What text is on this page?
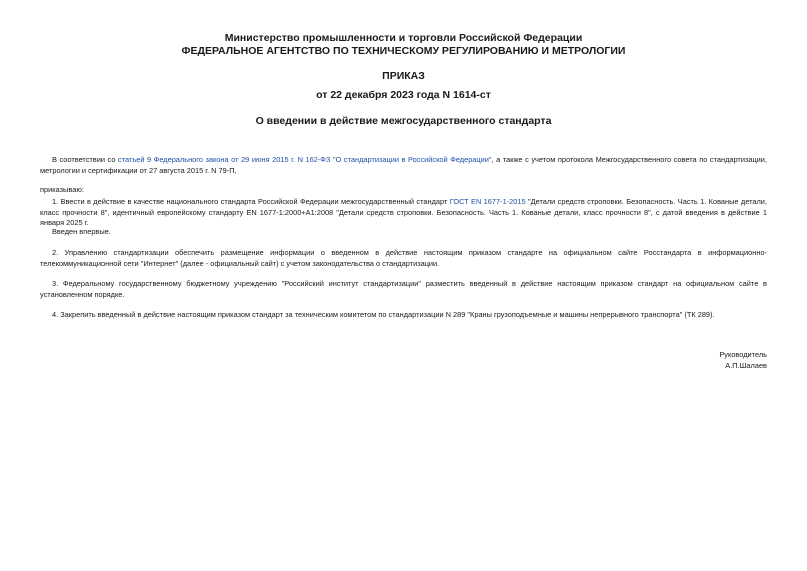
Министерство промышленности и торговли Российской Федерации
ФЕДЕРАЛЬНОЕ АГЕНТСТВО ПО ТЕХНИЧЕСКОМУ РЕГУЛИРОВАНИЮ И МЕТРОЛОГИИ
ПРИКАЗ
от 22 декабря 2023 года N 1614-ст
О введении в действие межгосударственного стандарта

В соответствии со статьей 9 Федерального закона от 29 июня 2015 г. N 162-ФЗ "О стандартизации в Российской Федерации", а также с учетом протокола Межгосударственного совета по стандартизации, метрологии и сертификации от 27 августа 2015 г. N 79-П,

приказываю:

1. Ввести в действие в качестве национального стандарта Российской Федерации межгосударственный стандарт ГОСТ EN 1677-1-2015 "Детали средств строповки. Безопасность. Часть 1. Кованые детали, класс прочности 8", идентичный европейскому стандарту EN 1677-1:2000+A1:2008 "Детали средств строповки. Безопасность. Часть 1. Кованые детали, класс прочности 8", с датой введения в действие 1 января 2025 г.

Введен впервые.

2. Управлению стандартизации обеспечить размещение информации о введенном в действие настоящим приказом стандарте на официальном сайте Росстандарта в информационно-телекоммуникационной сети "Интернет" (далее - официальный сайт) с учетом законодательства о стандартизации.

3. Федеральному государственному бюджетному учреждению "Российский институт стандартизации" разместить введенный в действие настоящим приказом стандарт на официальном сайте в установленном порядке.

4. Закрепить введенный в действие настоящим приказом стандарт за техническим комитетом по стандартизации N 289 "Краны грузоподъемные и машины непрерывного транспорта" (ТК 289).

Руководитель
А.П.Шалаев
